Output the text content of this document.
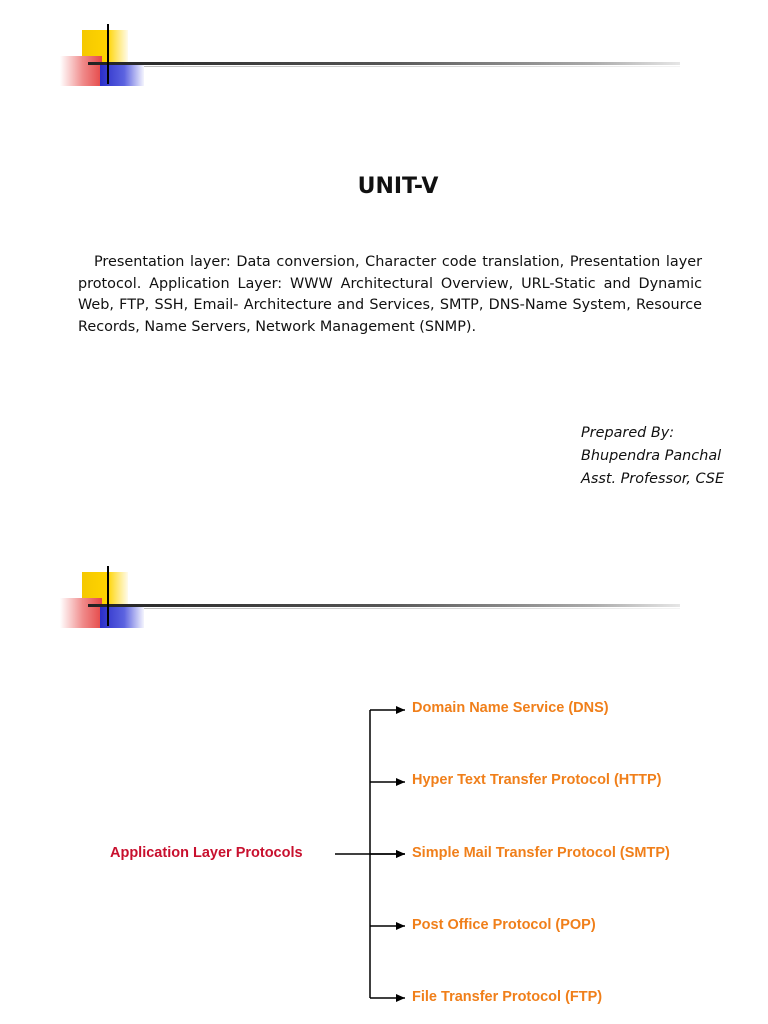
UNIT-V

Presentation layer: Data conversion, Character code translation, Presentation layer protocol. Application Layer: WWW Architectural Overview, URL-Static and Dynamic Web, FTP, SSH, Email- Architecture and Services, SMTP, DNS-Name System, Resource Records, Name Servers, Network Management (SNMP).

Prepared By:
Bhupendra Panchal
Asst. Professor, CSE
Application Layer Protocols
Domain Name Service (DNS)
Hyper Text Transfer Protocol (HTTP)
Simple Mail Transfer Protocol (SMTP)
Post Office Protocol (POP)
File Transfer Protocol (FTP)
